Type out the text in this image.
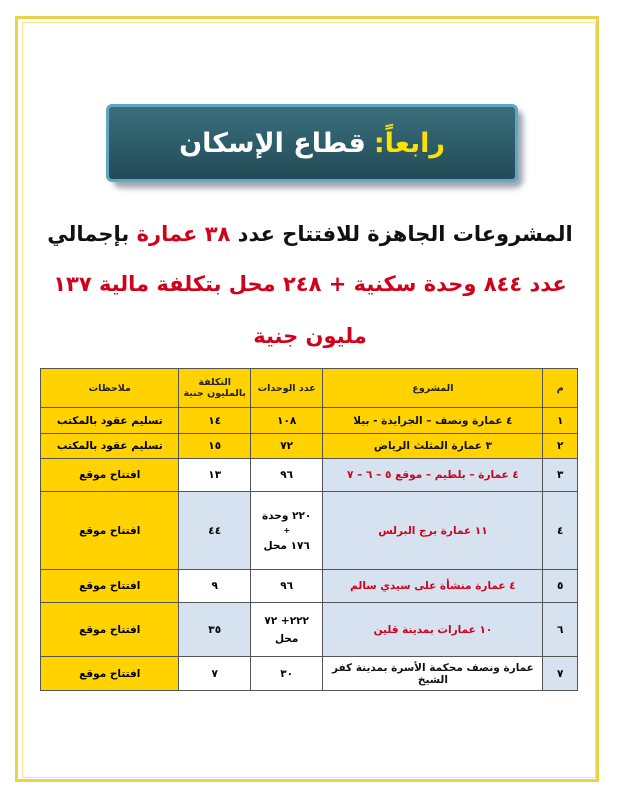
رابعاً:
قطاع الإسكان
المشروعات الجاهزة للافتتاح عدد ٣٨ عمارة بإجمالي
عدد ٨٤٤ وحدة سكنية + ٢٤٨ محل بتكلفة مالية ١٣٧
مليون جنية
م	المشروع	عدد الوحدات	التكلفة بالمليون جنية	ملاحظات
١	٤ عمارة ونصف – الجرايدة - بيلا	١٠٨	١٤	تسليم عقود بالمكتب
٢	٣ عمارة المثلث الرياض	٧٢	١٥	تسليم عقود بالمكتب
٣	٤ عمارة – بلطيم – موقع ٥ – ٦ – ٧	٩٦	١٣	افتتاح موقع
٤	١١ عمارة برج البرلس	٢٢٠ وحدة
+
١٧٦ محل	٤٤	افتتاح موقع
٥	٤ عمارة منشأة على سيدي سالم	٩٦	٩	افتتاح موقع
٦	١٠ عمارات بمدينة قلين	٢٢٢+ ٧٢
محل	٣٥	افتتاح موقع
٧	عمارة ونصف محكمة الأسرة بمدينة كفر الشيخ	٣٠	٧	افتتاح موقع
